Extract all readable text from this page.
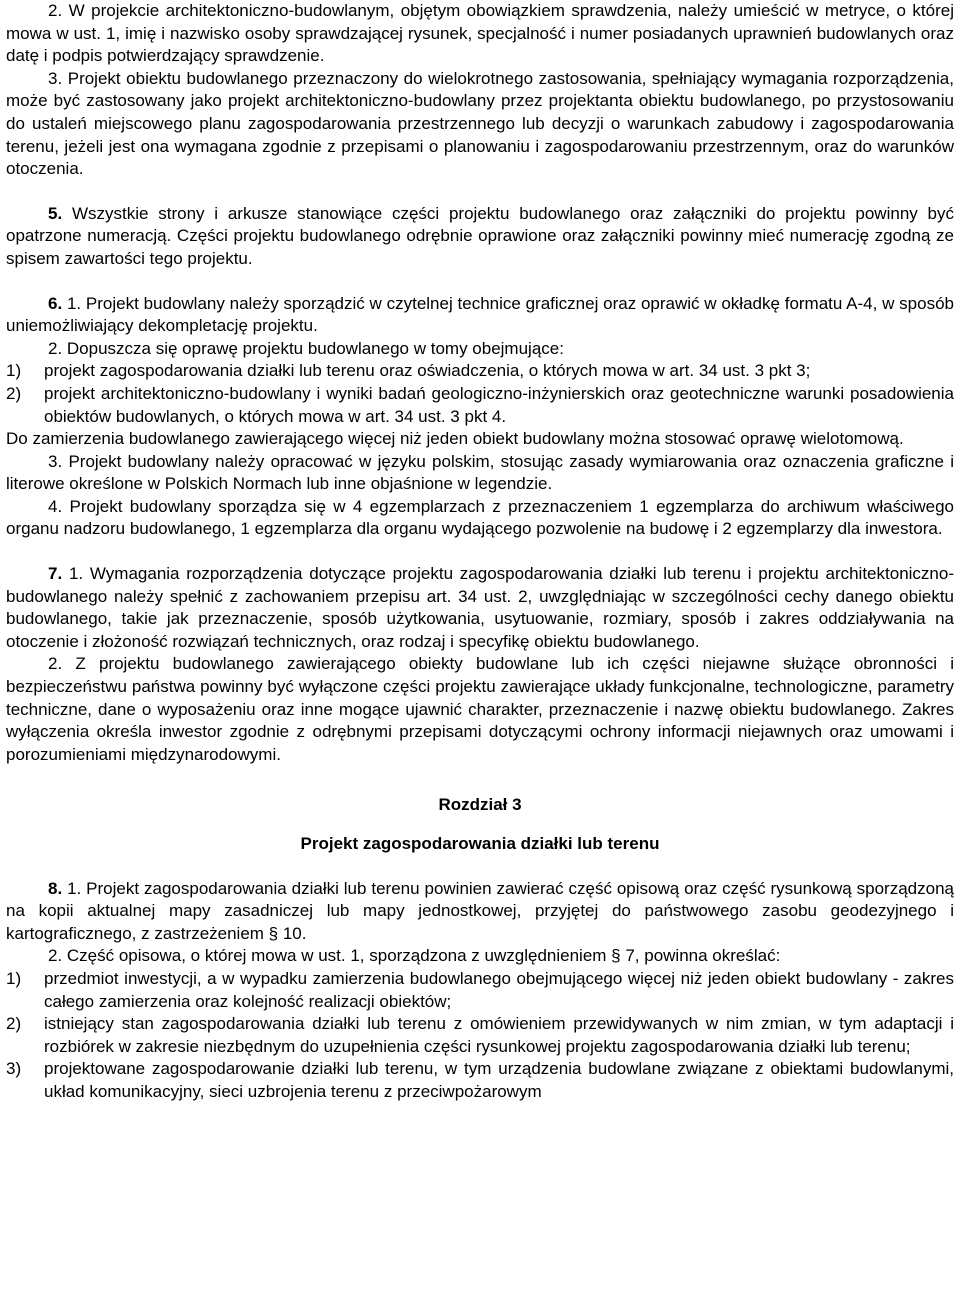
2. W projekcie architektoniczno-budowlanym, objętym obowiązkiem sprawdzenia, należy umieścić w metryce, o której mowa w ust. 1, imię i nazwisko osoby sprawdzającej rysunek, specjalność i numer posiadanych uprawnień budowlanych oraz datę i podpis potwierdzający sprawdzenie.

3. Projekt obiektu budowlanego przeznaczony do wielokrotnego zastosowania, spełniający wymagania rozporządzenia, może być zastosowany jako projekt architektoniczno-budowlany przez projektanta obiektu budowlanego, po przystosowaniu do ustaleń miejscowego planu zagospodarowania przestrzennego lub decyzji o warunkach zabudowy i zagospodarowania terenu, jeżeli jest ona wymagana zgodnie z przepisami o planowaniu i zagospodarowaniu przestrzennym, oraz do warunków otoczenia.

5. Wszystkie strony i arkusze stanowiące części projektu budowlanego oraz załączniki do projektu powinny być opatrzone numeracją. Części projektu budowlanego odrębnie oprawione oraz załączniki powinny mieć numerację zgodną ze spisem zawartości tego projektu.

6. 1. Projekt budowlany należy sporządzić w czytelnej technice graficznej oraz oprawić w okładkę formatu A-4, w sposób uniemożliwiający dekompletację projektu.

2. Dopuszcza się oprawę projektu budowlanego w tomy obejmujące:

1)	projekt zagospodarowania działki lub terenu oraz oświadczenia, o których mowa w art. 34 ust. 3 pkt 3;
2)	projekt architektoniczno-budowlany i wyniki badań geologiczno-inżynierskich oraz geotechniczne warunki posadowienia obiektów budowlanych, o których mowa w art. 34 ust. 3 pkt 4.

Do zamierzenia budowlanego zawierającego więcej niż jeden obiekt budowlany można stosować oprawę wielotomową.

3. Projekt budowlany należy opracować w języku polskim, stosując zasady wymiarowania oraz oznaczenia graficzne i literowe określone w Polskich Normach lub inne objaśnione w legendzie.

4. Projekt budowlany sporządza się w 4 egzemplarzach z przeznaczeniem 1 egzemplarza do archiwum właściwego organu nadzoru budowlanego, 1 egzemplarza dla organu wydającego pozwolenie na budowę i 2 egzemplarzy dla inwestora.

7. 1. Wymagania rozporządzenia dotyczące projektu zagospodarowania działki lub terenu i projektu architektoniczno-budowlanego należy spełnić z zachowaniem przepisu art. 34 ust. 2, uwzględniając w szczególności cechy danego obiektu budowlanego, takie jak przeznaczenie, sposób użytkowania, usytuowanie, rozmiary, sposób i zakres oddziaływania na otoczenie i złożoność rozwiązań technicznych, oraz rodzaj i specyfikę obiektu budowlanego.

2. Z projektu budowlanego zawierającego obiekty budowlane lub ich części niejawne służące obronności i bezpieczeństwu państwa powinny być wyłączone części projektu zawierające układy funkcjonalne, technologiczne, parametry techniczne, dane o wyposażeniu oraz inne mogące ujawnić charakter, przeznaczenie i nazwę obiektu budowlanego. Zakres wyłączenia określa inwestor zgodnie z odrębnymi przepisami dotyczącymi ochrony informacji niejawnych oraz umowami i porozumieniami międzynarodowymi.

Rozdział 3

Projekt zagospodarowania działki lub terenu

8. 1. Projekt zagospodarowania działki lub terenu powinien zawierać część opisową oraz część rysunkową sporządzoną na kopii aktualnej mapy zasadniczej lub mapy jednostkowej, przyjętej do państwowego zasobu geodezyjnego i kartograficznego, z zastrzeżeniem § 10.

2. Część opisowa, o której mowa w ust. 1, sporządzona z uwzględnieniem § 7, powinna określać:

1)	przedmiot inwestycji, a w wypadku zamierzenia budowlanego obejmującego więcej niż jeden obiekt budowlany - zakres całego zamierzenia oraz kolejność realizacji obiektów;
2)	istniejący stan zagospodarowania działki lub terenu z omówieniem przewidywanych w nim zmian, w tym adaptacji i rozbiórek w zakresie niezbędnym do uzupełnienia części rysunkowej projektu zagospodarowania działki lub terenu;
3)	projektowane zagospodarowanie działki lub terenu, w tym urządzenia budowlane związane z obiektami budowlanymi, układ komunikacyjny, sieci uzbrojenia terenu z przeciwpożarowym
